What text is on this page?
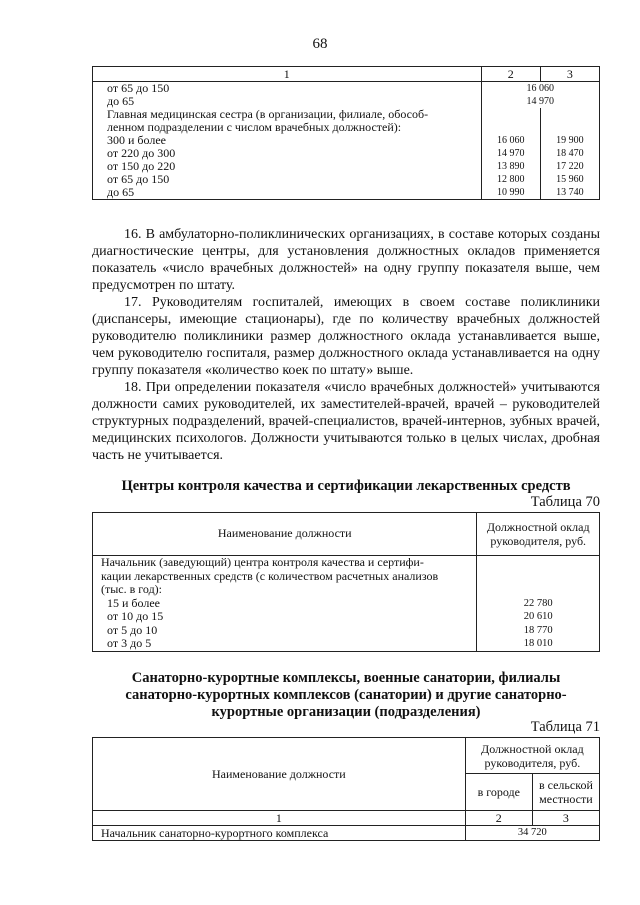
68
1	2	3
от 65 до 150	16 060	
до 65	14 970	
Главная медицинская сестра (в организации, филиале, обособ-		
ленном подразделении с числом врачебных должностей):		
300 и более	16 060	19 900
от 220 до 300	14 970	18 470
от 150 до 220	13 890	17 220
от 65 до 150	12 800	15 960
до 65	10 990	13 740
16. В амбулаторно-поликлинических организациях, в составе которых созданы диагностические центры, для установления должностных окладов применяется показатель «число врачебных должностей» на одну группу показателя выше, чем предусмотрен по штату.
17. Руководителям госпиталей, имеющих в своем составе поликлиники (диспансеры, имеющие стационары), где по количеству врачебных должностей руководителю поликлиники размер должностного оклада устанавливается выше, чем руководителю госпиталя, размер должностного оклада устанавливается на одну группу показателя «количество коек по штату» выше.
18. При определении показателя «число врачебных должностей» учитываются должности самих руководителей, их заместителей-врачей, врачей – руководителей структурных подразделений, врачей-специалистов, врачей-интернов, зубных врачей, медицинских психологов. Должности учитываются только в целых числах, дробная часть не учитывается.
Центры контроля качества и сертификации лекарственных средств
Таблица 70
Наименование должности	Должностной оклад руководителя, руб.

Начальник (заведующий) центра контроля качества и сертифи-
кации лекарственных средств (с количеством расчетных анализов
(тыс. в год):	

15 и более	22 780
от 10 до 15	20 610
от 5 до 10	18 770
от 3 до 5	18 010
Санаторно-курортные комплексы, военные санатории, филиалы
санаторно-курортных комплексов (санатории) и другие санаторно-
курортные организации (подразделения)
Таблица 71
Наименование должности	Должностной оклад руководителя, руб.	
	в городе	в сельской местности
1	2	3
Начальник санаторно-курортного комплекса	34 720	
